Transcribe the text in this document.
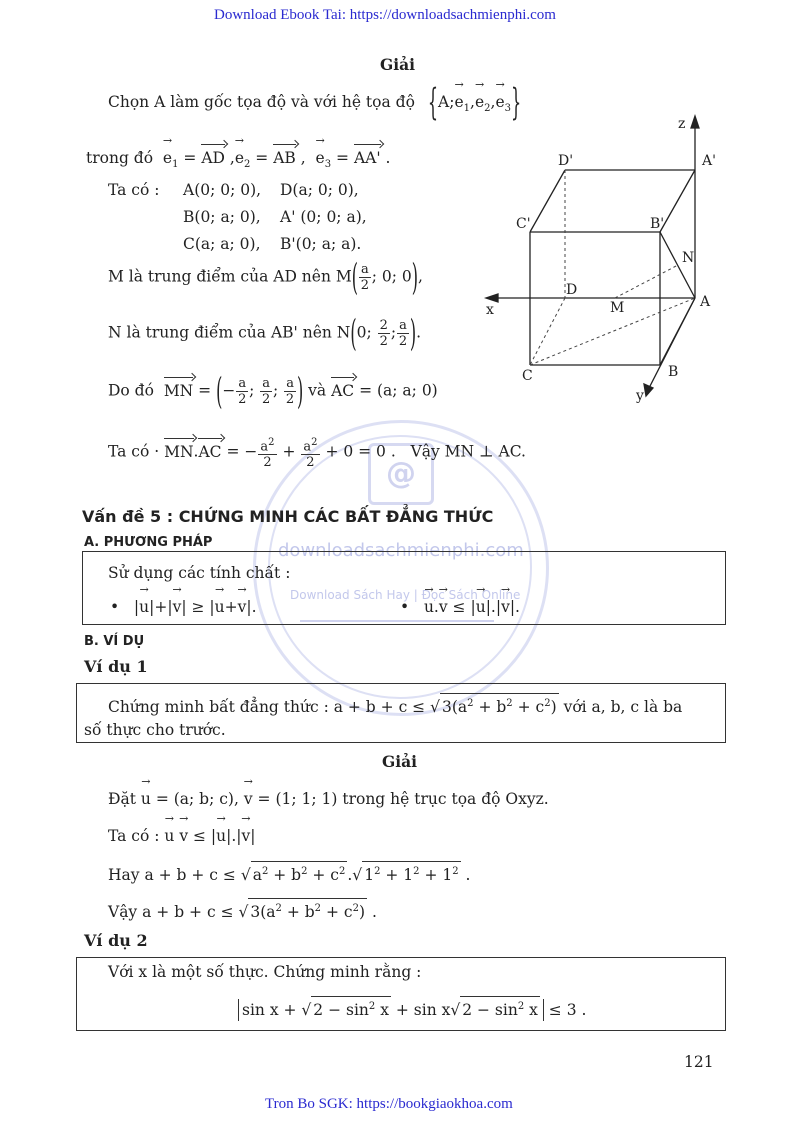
Download Ebook Tai: https://downloadsachmienphi.com
@
downloadsachmienphi.com
Download Sách Hay | Đọc Sách Online
Giải
Chọn A làm gốc tọa độ và với hệ tọa độ {A;→ $e_1,\to e_2,\to e_3$}
trong đó → $e_1$ = AD ,→ $e_2$ = AB ,  → $e_3 = AA'$ .
Ta có : A(0; 0; 0), D(a; 0; 0),
B(0; a; 0), A' (0; 0; a),
C(a; a; 0), B'(0; a; a).
M là trung điểm của AD nên $M( \frac{a}{2}$ ; 0; 0),
N là trung điểm của AB' nên N(0; $\frac{2}{2}$ ; $\frac{a}{2}$ ).
Do đó MN = (− $\frac{a}{2}$ ; $\frac{a}{2}$ ; $\frac{a}{2}$ ) và AC = (a; a; 0)
Ta có · MN.AC = − $\frac{a^2}{2} + \frac{a^2}{2} + 0 = 0$ .   Vậy MN ⊥ AC.
z
D'	A'
C'	B'
N
D
x	M	A
C	B
y
Vấn đề 5 : CHỨNG MINH CÁC BẤT ĐẲNG THỨC
A. PHƯƠNG PHÁP
Sử dụng các tính chất :
•   |→ u|+|→ v| ≥ |→ u+→ v|.	•   → u.→ v ≤ |→ u|.|→ v|.
B. VÍ DỤ
Ví dụ 1
Chứng minh bất đẳng thức : a + b + c ≤ √ $3(a^2 + b^2 + c^2)$ với a, b, c là ba
số thực cho trước.
Giải
Đặt → u = (a; b; c), → v = (1; 1; 1) trong hệ trục tọa độ Oxyz.
Ta có : → u → v ≤ |→ u|.|→ v|
Hay a + b + c ≤ √ $a^2 + b^2 + c^2$ .√ $1^2 + 1^2 + 1^2$ .
Vậy a + b + c ≤ √ $3(a^2 + b^2 + c^2)$ .
Ví dụ 2
Với x là một số thực. Chứng minh rằng :
sin x + √ $2 - \sin^2 x + \sin x√$ $2 - \sin^2 x \le 3$ .
121
Tron Bo SGK: https://bookgiaokhoa.com
